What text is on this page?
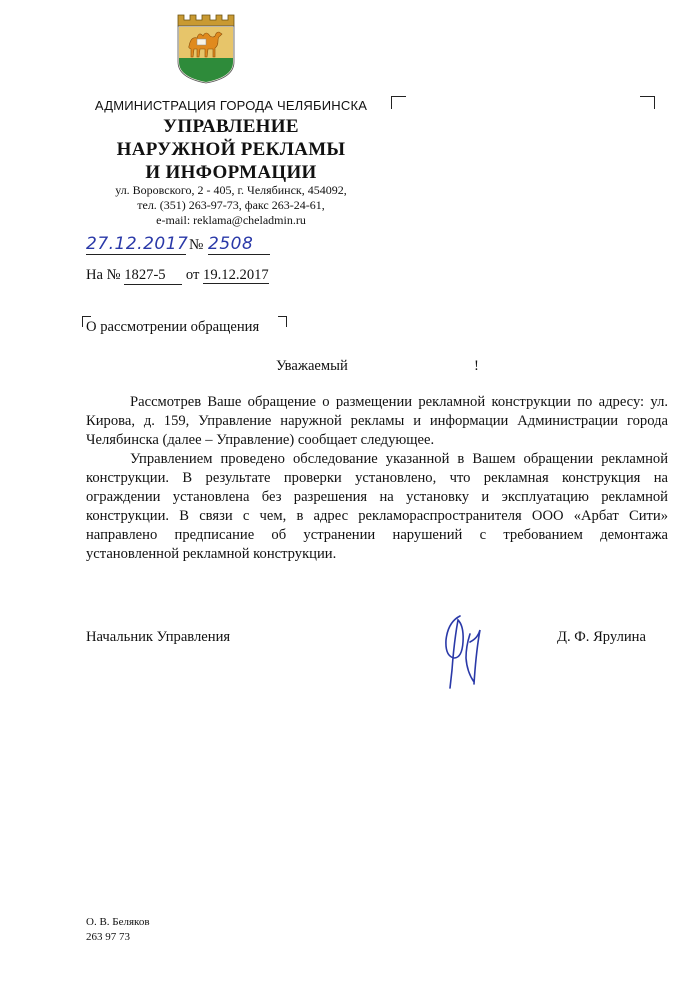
АДМИНИСТРАЦИЯ ГОРОДА ЧЕЛЯБИНСКА
УПРАВЛЕНИЕ
НАРУЖНОЙ РЕКЛАМЫ
И ИНФОРМАЦИИ
ул. Воровского, 2 - 405, г. Челябинск, 454092,
тел. (351) 263-97-73, факс 263-24-61,
e-mail: reklama@cheladmin.ru
27.12.2017 № 2508
На № 1827-5 от 19.12.2017
О рассмотрении обращения
Уважаемый	!

Рассмотрев Ваше обращение о размещении рекламной конструкции по адресу: ул. Кирова, д. 159, Управление наружной рекламы и информации Администрации города Челябинска (далее – Управление) сообщает следующее.

Управлением проведено обследование указанной в Вашем обращении рекламной конструкции. В результате проверки установлено, что рекламная конструкция на ограждении установлена без разрешения на установку и эксплуатацию рекламной конструкции. В связи с чем, в адрес рекламораспространителя ООО «Арбат Сити» направлено предписание об устранении нарушений с требованием демонтажа установленной рекламной конструкции.

Начальник Управления	Д. Ф. Ярулина
О. В. Беляков
263 97 73
